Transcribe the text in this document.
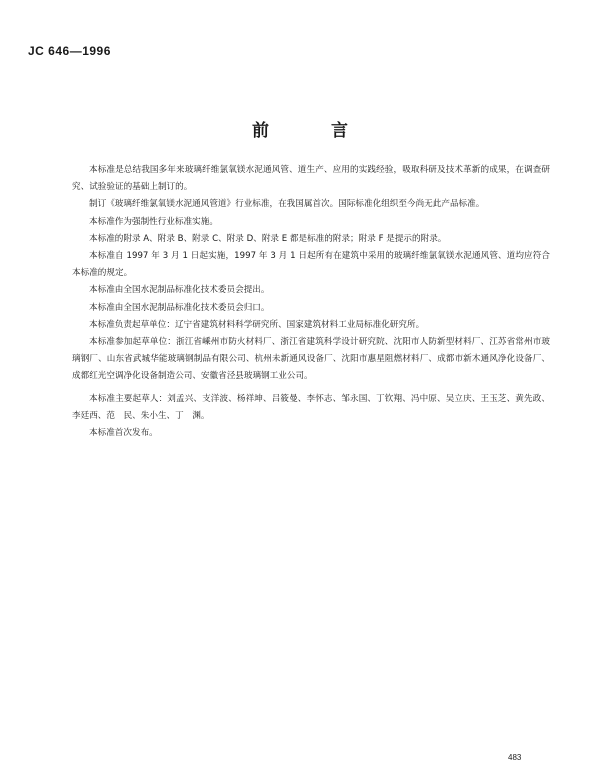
JC 646—1996
前 言

本标准是总结我国多年来玻璃纤维氯氧镁水泥通风管、道生产、应用的实践经验，吸取科研及技术革新的成果，在调查研究、试验验证的基础上制订的。

制订《玻璃纤维氯氧镁水泥通风管道》行业标准，在我国属首次。国际标准化组织至今尚无此产品标准。

本标准作为强制性行业标准实施。

本标准的附录 A、附录 B、附录 C、附录 D、附录 E 都是标准的附录；附录 F 是提示的附录。

本标准自 1997 年 3 月 1 日起实施，1997 年 3 月 1 日起所有在建筑中采用的玻璃纤维氯氧镁水泥通风管、道均应符合本标准的规定。

本标准由全国水泥制品标准化技术委员会提出。

本标准由全国水泥制品标准化技术委员会归口。

本标准负责起草单位：辽宁省建筑材料科学研究所、国家建筑材料工业局标准化研究所。

本标准参加起草单位：浙江省嵊州市防火材料厂、浙江省建筑科学设计研究院、沈阳市人防新型材料厂、江苏省常州市玻璃钢厂、山东省武城华能玻璃钢制品有限公司、杭州未新通风设备厂、沈阳市惠星阻燃材料厂、成都市新木通风净化设备厂、成都红光空调净化设备制造公司、安徽省泾县玻璃钢工业公司。

本标准主要起草人：刘孟兴、支洋波、杨祥坤、吕筱曼、李怀志、邹永国、丁钦翔、冯中原、吴立庆、王玉芝、黄先政、李廷西、范　民、朱小生、丁　渊。

本标准首次发布。

483
